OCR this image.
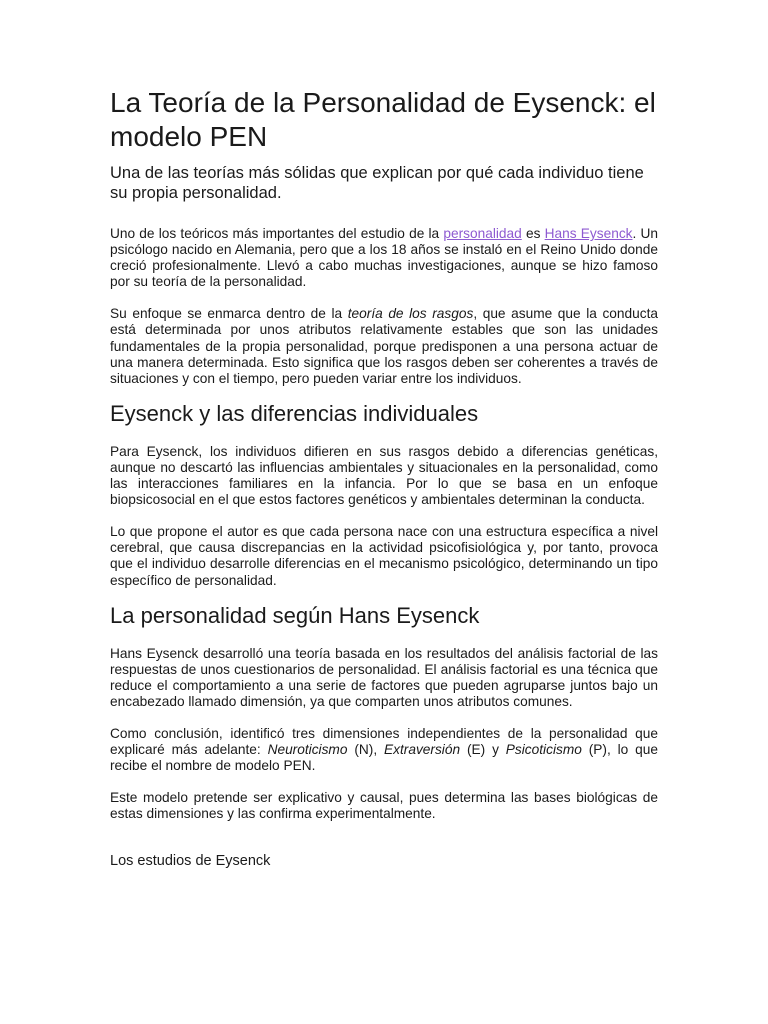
La Teoría de la Personalidad de Eysenck: el modelo PEN
Una de las teorías más sólidas que explican por qué cada individuo tiene su propia personalidad.

Uno de los teóricos más importantes del estudio de la personalidad es Hans Eysenck. Un psicólogo nacido en Alemania, pero que a los 18 años se instaló en el Reino Unido donde creció profesionalmente. Llevó a cabo muchas investigaciones, aunque se hizo famoso por su teoría de la personalidad.

Su enfoque se enmarca dentro de la teoría de los rasgos, que asume que la conducta está determinada por unos atributos relativamente estables que son las unidades fundamentales de la propia personalidad, porque predisponen a una persona actuar de una manera determinada. Esto significa que los rasgos deben ser coherentes a través de situaciones y con el tiempo, pero pueden variar entre los individuos.

Eysenck y las diferencias individuales

Para Eysenck, los individuos difieren en sus rasgos debido a diferencias genéticas, aunque no descartó las influencias ambientales y situacionales en la personalidad, como las interacciones familiares en la infancia. Por lo que se basa en un enfoque biopsicosocial en el que estos factores genéticos y ambientales determinan la conducta.

Lo que propone el autor es que cada persona nace con una estructura específica a nivel cerebral, que causa discrepancias en la actividad psicofisiológica y, por tanto, provoca que el individuo desarrolle diferencias en el mecanismo psicológico, determinando un tipo específico de personalidad.

La personalidad según Hans Eysenck

Hans Eysenck desarrolló una teoría basada en los resultados del análisis factorial de las respuestas de unos cuestionarios de personalidad. El análisis factorial es una técnica que reduce el comportamiento a una serie de factores que pueden agruparse juntos bajo un encabezado llamado dimensión, ya que comparten unos atributos comunes.

Como conclusión, identificó tres dimensiones independientes de la personalidad que explicaré más adelante: Neuroticismo (N), Extraversión (E) y Psicoticismo (P), lo que recibe el nombre de modelo PEN.

Este modelo pretende ser explicativo y causal, pues determina las bases biológicas de estas dimensiones y las confirma experimentalmente.

Los estudios de Eysenck
